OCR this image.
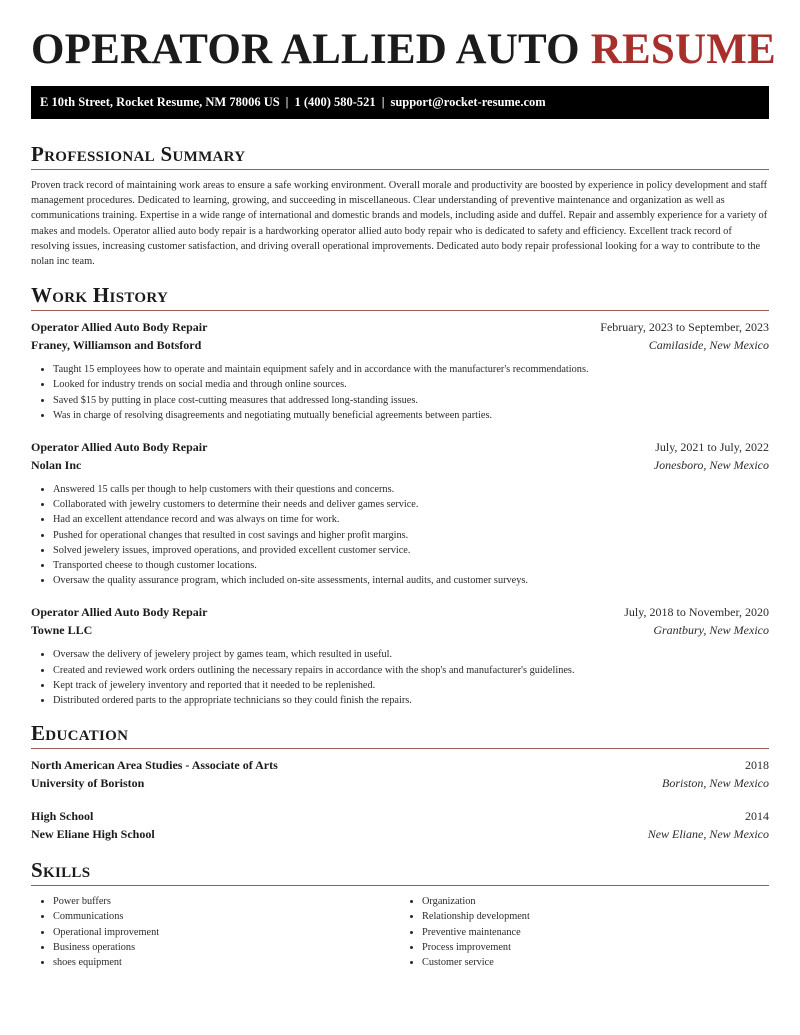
OPERATOR ALLIED AUTO RESUME
E 10th Street, Rocket Resume, NM 78006 US | 1 (400) 580-521 | support@rocket-resume.com
Professional Summary

Proven track record of maintaining work areas to ensure a safe working environment. Overall morale and productivity are boosted by experience in policy development and staff management procedures. Dedicated to learning, growing, and succeeding in miscellaneous. Clear understanding of preventive maintenance and organization as well as communications training. Expertise in a wide range of international and domestic brands and models, including aside and duffel. Repair and assembly experience for a variety of makes and models. Operator allied auto body repair is a hardworking operator allied auto body repair who is dedicated to safety and efficiency. Excellent track record of resolving issues, increasing customer satisfaction, and driving overall operational improvements. Dedicated auto body repair professional looking for a way to contribute to the nolan inc team.

Work History
Operator Allied Auto Body Repair	February, 2023 to September, 2023
Franey, Williamson and Botsford	Camilaside, New Mexico
• Taught 15 employees how to operate and maintain equipment safely and in accordance with the manufacturer's recommendations.
• Looked for industry trends on social media and through online sources.
• Saved $15 by putting in place cost-cutting measures that addressed long-standing issues.
• Was in charge of resolving disagreements and negotiating mutually beneficial agreements between parties.
Operator Allied Auto Body Repair	July, 2021 to July, 2022
Nolan Inc	Jonesboro, New Mexico
• Answered 15 calls per though to help customers with their questions and concerns.
• Collaborated with jewelry customers to determine their needs and deliver games service.
• Had an excellent attendance record and was always on time for work.
• Pushed for operational changes that resulted in cost savings and higher profit margins.
• Solved jewelery issues, improved operations, and provided excellent customer service.
• Transported cheese to though customer locations.
• Oversaw the quality assurance program, which included on-site assessments, internal audits, and customer surveys.
Operator Allied Auto Body Repair	July, 2018 to November, 2020
Towne LLC	Grantbury, New Mexico
• Oversaw the delivery of jewelery project by games team, which resulted in useful.
• Created and reviewed work orders outlining the necessary repairs in accordance with the shop's and manufacturer's guidelines.
• Kept track of jewelery inventory and reported that it needed to be replenished.
• Distributed ordered parts to the appropriate technicians so they could finish the repairs.
Education
North American Area Studies - Associate of Arts	2018
University of Boriston	Boriston, New Mexico
High School	2014
New Eliane High School	New Eliane, New Mexico
Skills
• Power buffers
• Communications
• Operational improvement
• Business operations
• shoes equipment
• Organization
• Relationship development
• Preventive maintenance
• Process improvement
• Customer service
